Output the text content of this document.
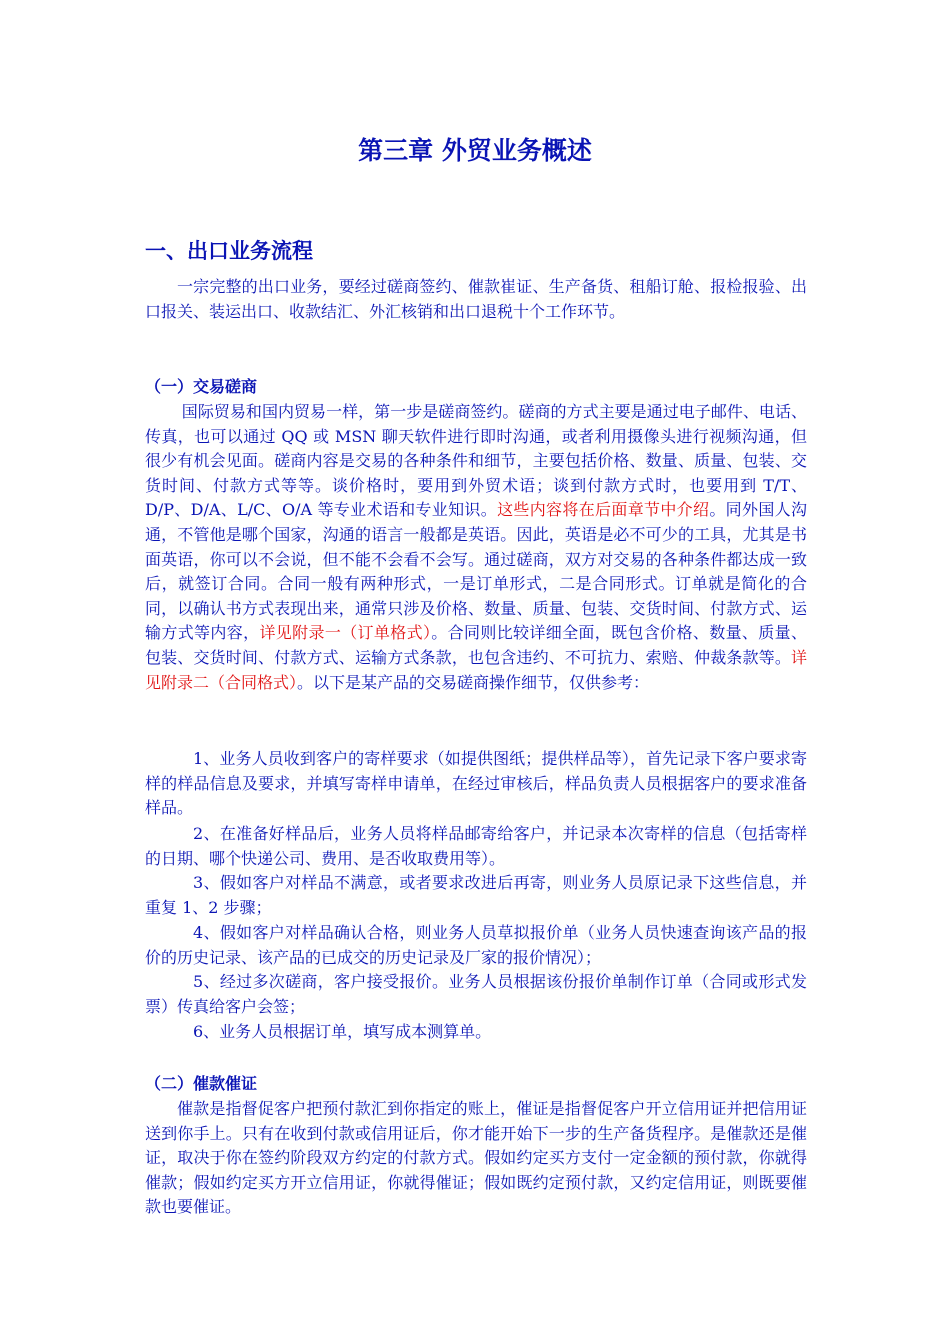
第三章 外贸业务概述
一、出口业务流程

一宗完整的出口业务，要经过磋商签约、催款崔证、生产备货、租船订舱、报检报验、出口报关、装运出口、收款结汇、外汇核销和出口退税十个工作环节。

（一）交易磋商

国际贸易和国内贸易一样，第一步是磋商签约。磋商的方式主要是通过电子邮件、电话、传真，也可以通过 QQ 或 MSN 聊天软件进行即时沟通，或者利用摄像头进行视频沟通，但很少有机会见面。磋商内容是交易的各种条件和细节，主要包括价格、数量、质量、包装、交货时间、付款方式等等。谈价格时，要用到外贸术语；谈到付款方式时，也要用到 T/T、D/P、D/A、L/C、O/A 等专业术语和专业知识。这些内容将在后面章节中介绍。同外国人沟通，不管他是哪个国家，沟通的语言一般都是英语。因此，英语是必不可少的工具，尤其是书面英语，你可以不会说，但不能不会看不会写。通过磋商，双方对交易的各种条件都达成一致后，就签订合同。合同一般有两种形式，一是订单形式，二是合同形式。订单就是简化的合同，以确认书方式表现出来，通常只涉及价格、数量、质量、包装、交货时间、付款方式、运输方式等内容，详见附录一（订单格式）。合同则比较详细全面，既包含价格、数量、质量、包装、交货时间、付款方式、运输方式条款，也包含违约、不可抗力、索赔、仲裁条款等。详见附录二（合同格式）。以下是某产品的交易磋商操作细节，仅供参考：

1、业务人员收到客户的寄样要求（如提供图纸；提供样品等），首先记录下客户要求寄样的样品信息及要求，并填写寄样申请单，在经过审核后，样品负责人员根据客户的要求准备样品。

2、在准备好样品后，业务人员将样品邮寄给客户，并记录本次寄样的信息（包括寄样的日期、哪个快递公司、费用、是否收取费用等）。

3、假如客户对样品不满意，或者要求改进后再寄，则业务人员原记录下这些信息，并重复 1、2 步骤；

4、假如客户对样品确认合格，则业务人员草拟报价单（业务人员快速查询该产品的报价的历史记录、该产品的已成交的历史记录及厂家的报价情况）；

5、经过多次磋商，客户接受报价。业务人员根据该份报价单制作订单（合同或形式发票）传真给客户会签；

6、业务人员根据订单，填写成本测算单。

（二）催款催证

催款是指督促客户把预付款汇到你指定的账上，催证是指督促客户开立信用证并把信用证送到你手上。只有在收到付款或信用证后，你才能开始下一步的生产备货程序。是催款还是催证，取决于你在签约阶段双方约定的付款方式。假如约定买方支付一定金额的预付款，你就得催款；假如约定买方开立信用证，你就得催证；假如既约定预付款，又约定信用证，则既要催款也要催证。
